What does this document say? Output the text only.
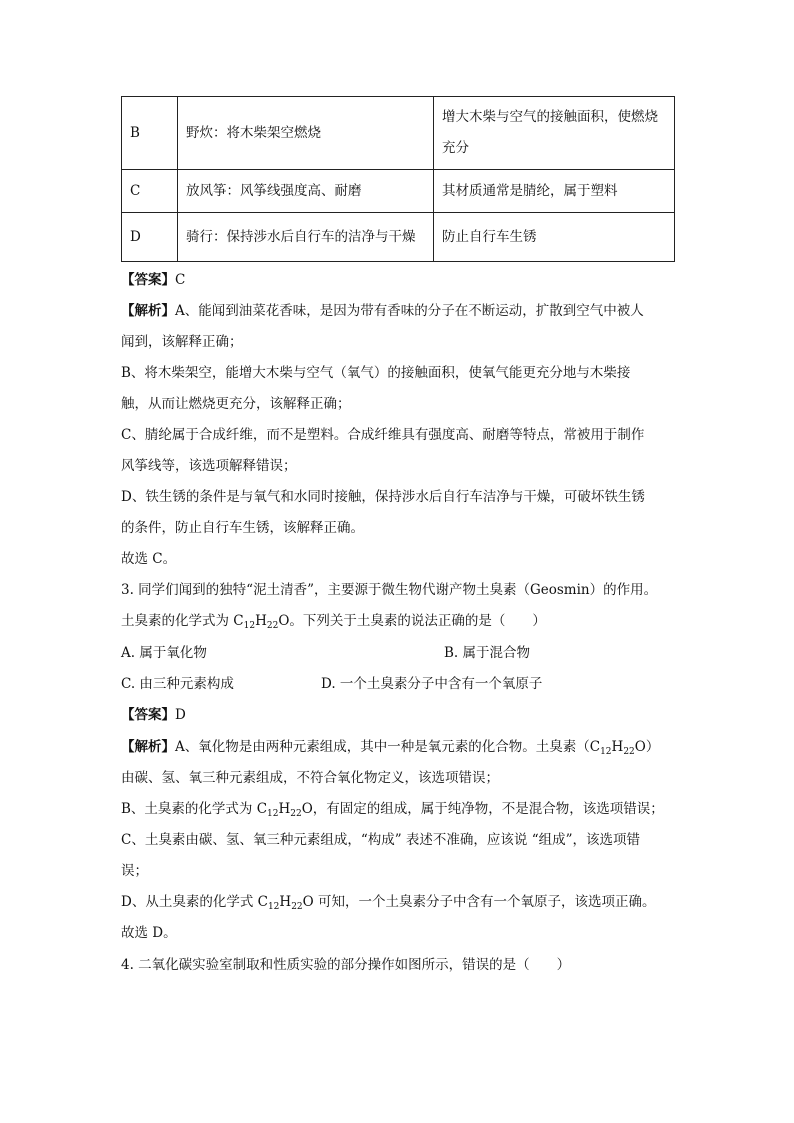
B	野炊：将木柴架空燃烧	增大木柴与空气的接触面积，使燃烧
充分

C	放风筝：风筝线强度高、耐磨	其材质通常是腈纶，属于塑料
D	骑行：保持涉水后自行车的洁净与干燥	防止自行车生锈
【答案】C
【解析】A、能闻到油菜花香味，是因为带有香味的分子在不断运动，扩散到空气中被人
闻到，该解释正确；
B、将木柴架空，能增大木柴与空气（氧气）的接触面积，使氧气能更充分地与木柴接
触，从而让燃烧更充分，该解释正确；
C、腈纶属于合成纤维，而不是塑料。合成纤维具有强度高、耐磨等特点，常被用于制作
风筝线等，该选项解释错误；
D、铁生锈的条件是与氧气和水同时接触，保持涉水后自行车洁净与干燥，可破坏铁生锈
的条件，防止自行车生锈，该解释正确。
故选 C。
3. 同学们闻到的独特“泥土清香”，主要源于微生物代谢产物土臭素（Geosmin）的作用。
土臭素的化学式为 $C_{12}H_{22}O$。下列关于土臭素的说法正确的是（　　）
A. 属于氧化物	B. 属于混合物
C. 由三种元素构成	D. 一个土臭素分子中含有一个氧原子
【答案】D
【解析】A、氧化物是由两种元素组成，其中一种是氧元素的化合物。土臭素$(C_{12}H_{22}O)$
由碳、氢、氧三种元素组成，不符合氧化物定义，该选项错误；
B、土臭素的化学式为 $C_{12}H_{22}O$，有固定的组成，属于纯净物，不是混合物，该选项错误；
C、土臭素由碳、氢、氧三种元素组成，“构成” 表述不准确，应该说 “组成”，该选项错
误；
D、从土臭素的化学式 $C_{12}H_{22}O$ 可知，一个土臭素分子中含有一个氧原子，该选项正确。
故选 D。
4. 二氧化碳实验室制取和性质实验的部分操作如图所示，错误的是（　　）
